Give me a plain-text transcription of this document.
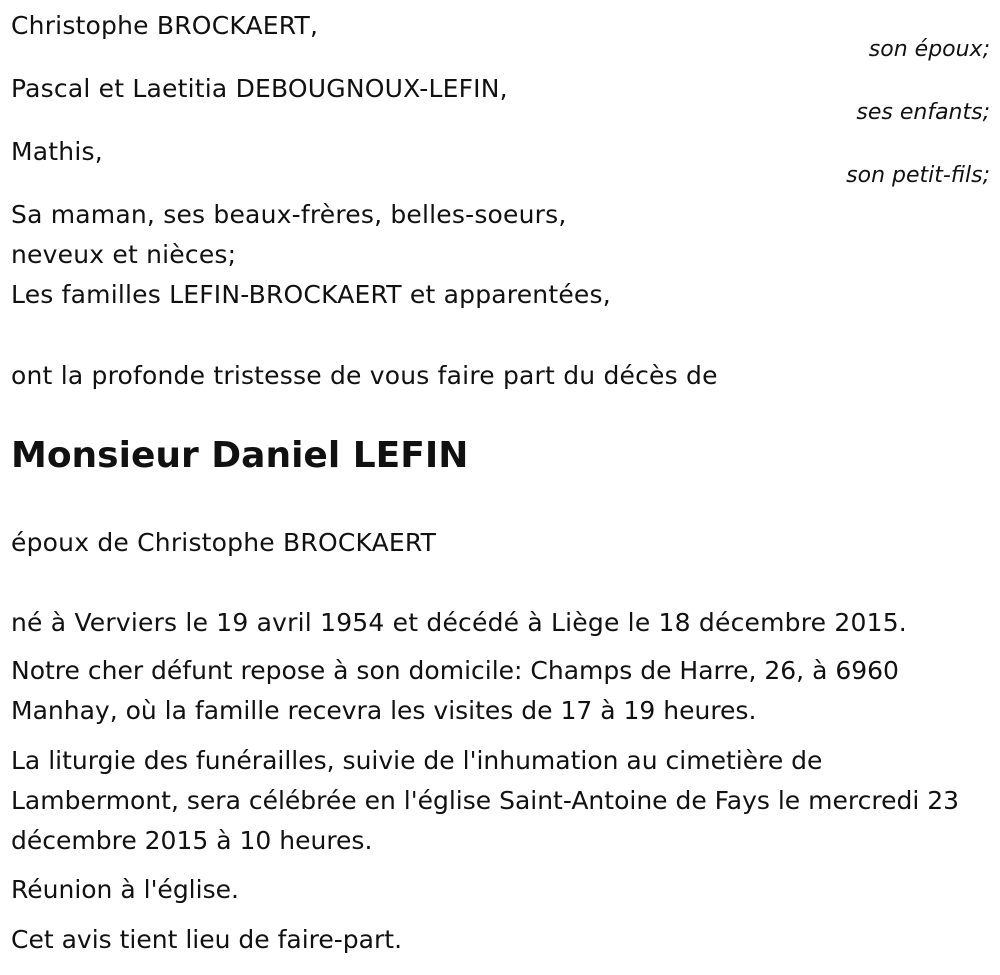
Christophe BROCKAERT,
son époux;
Pascal et Laetitia DEBOUGNOUX-LEFIN,
ses enfants;
Mathis,
son petit-fils;
Sa maman, ses beaux-frères, belles-soeurs,
neveux et nièces;
Les familles LEFIN-BROCKAERT et apparentées,
ont la profonde tristesse de vous faire part du décès de
Monsieur Daniel LEFIN
époux de Christophe BROCKAERT
né à Verviers le 19 avril 1954 et décédé à Liège le 18 décembre 2015.
Notre cher défunt repose à son domicile: Champs de Harre, 26, à 6960 Manhay, où la famille recevra les visites de 17 à 19 heures.
La liturgie des funérailles, suivie de l'inhumation au cimetière de Lambermont, sera célébrée en l'église Saint-Antoine de Fays le mercredi 23 décembre 2015 à 10 heures.
Réunion à l'église.
Cet avis tient lieu de faire-part.
